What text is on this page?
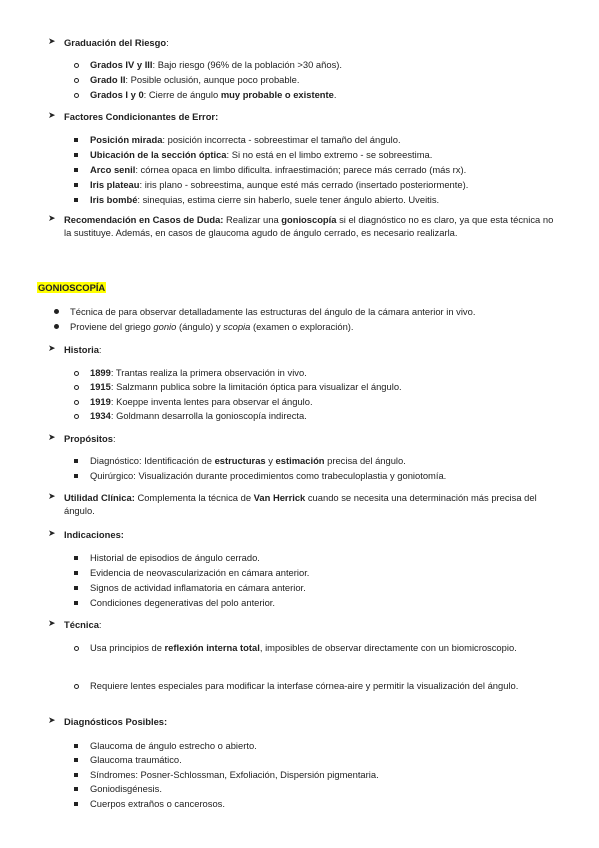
➤ Graduación del Riesgo:
Grados IV y III: Bajo riesgo (96% de la población >30 años).
Grado II: Posible oclusión, aunque poco probable.
Grados I y 0: Cierre de ángulo muy probable o existente.
➤ Factores Condicionantes de Error:
Posición mirada: posición incorrecta - sobreestimar el tamaño del ángulo.
Ubicación de la sección óptica: Si no está en el limbo extremo - se sobreestima.
Arco senil: córnea opaca en limbo dificulta. infraestimación; parece más cerrado (más rx).
Iris plateau: iris plano - sobreestima, aunque esté más cerrado (insertado posteriormente).
Iris bombé: sinequias, estima cierre sin haberlo, suele tener ángulo abierto. Uveitis.
➤ Recomendación en Casos de Duda: Realizar una gonioscopía si el diagnóstico no es claro, ya que esta técnica no la sustituye. Además, en casos de glaucoma agudo de ángulo cerrado, es necesario realizarla.
GONIOSCOPÍA
Técnica de para observar detalladamente las estructuras del ángulo de la cámara anterior in vivo.
Proviene del griego gonio (ángulo) y scopia (examen o exploración).
➤ Historia:
1899: Trantas realiza la primera observación in vivo.
1915: Salzmann publica sobre la limitación óptica para visualizar el ángulo.
1919: Koeppe inventa lentes para observar el ángulo.
1934: Goldmann desarrolla la gonioscopía indirecta.
➤ Propósitos:
Diagnóstico: Identificación de estructuras y estimación precisa del ángulo.
Quirúrgico: Visualización durante procedimientos como trabeculoplastia y goniotomía.
➤ Utilidad Clínica: Complementa la técnica de Van Herrick cuando se necesita una determinación más precisa del ángulo.
➤ Indicaciones:
Historial de episodios de ángulo cerrado.
Evidencia de neovascularización en cámara anterior.
Signos de actividad inflamatoria en cámara anterior.
Condiciones degenerativas del polo anterior.
➤ Técnica:
Usa principios de reflexión interna total, imposibles de observar directamente con un biomicroscopio.
Requiere lentes especiales para modificar la interfase córnea-aire y permitir la visualización del ángulo.
➤ Diagnósticos Posibles:
Glaucoma de ángulo estrecho o abierto.
Glaucoma traumático.
Síndromes: Posner-Schlossman, Exfoliación, Dispersión pigmentaria.
Goniodisgénesis.
Cuerpos extraños o cancerosos.
